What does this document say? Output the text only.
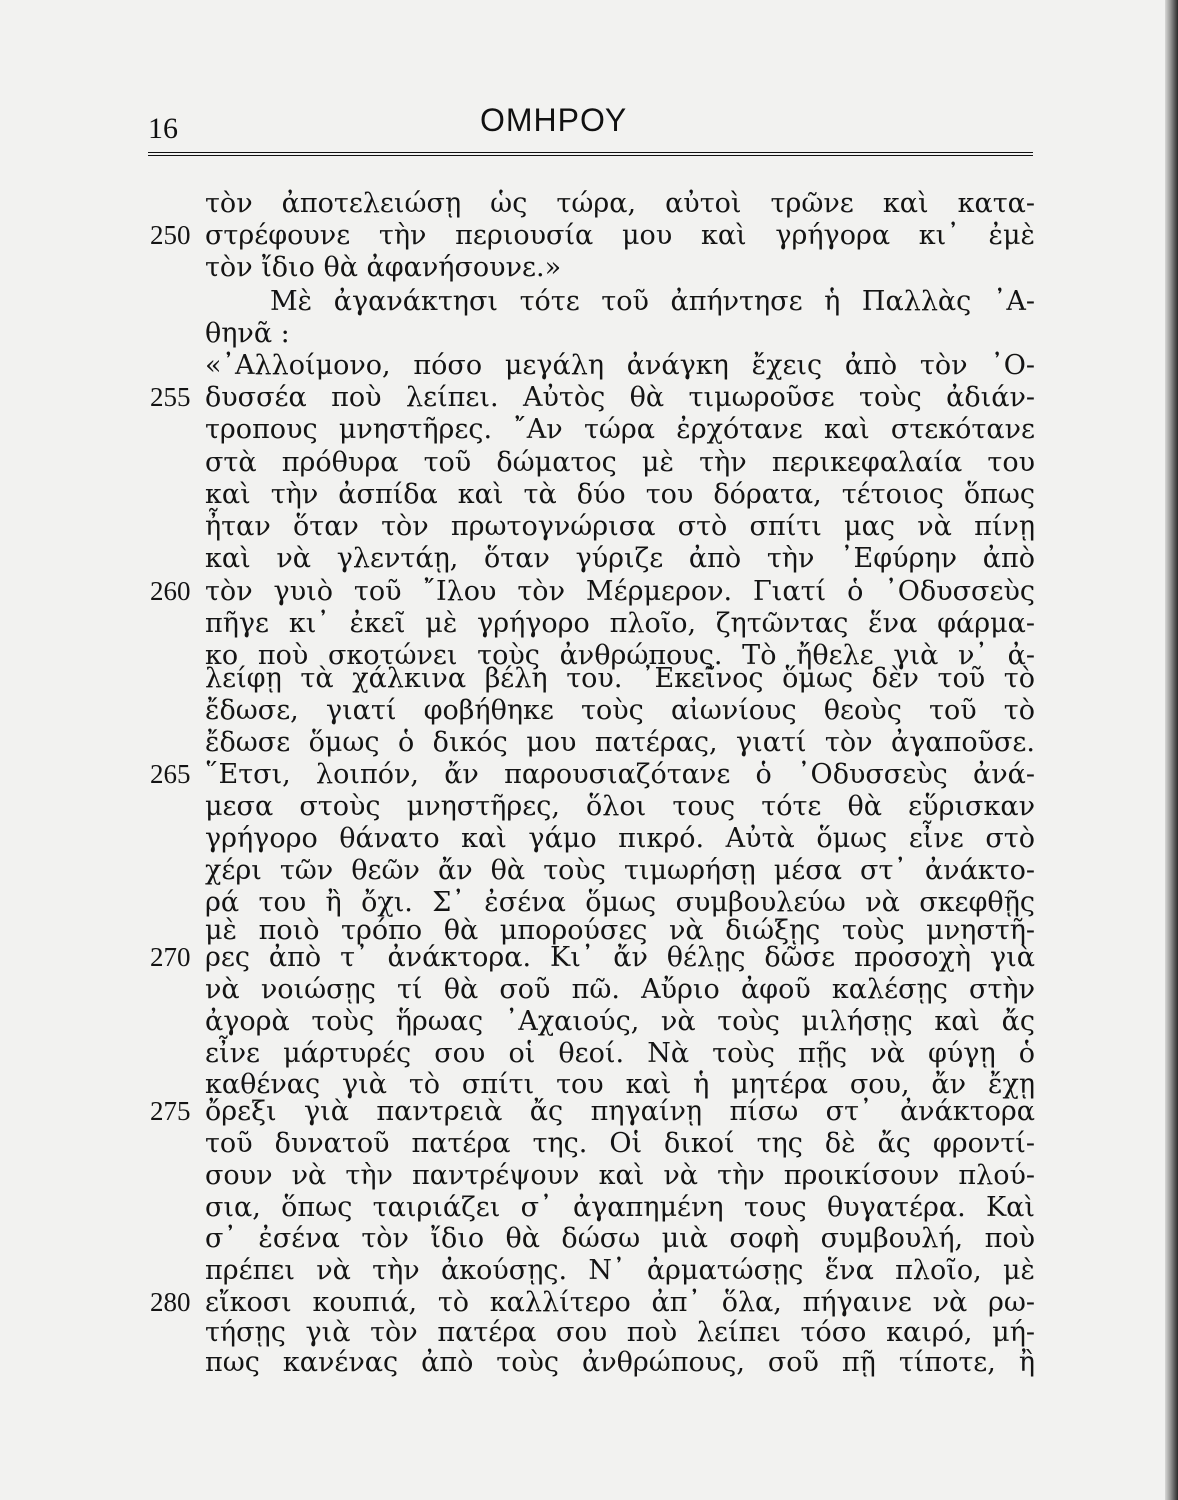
16	ΟΜΗΡΟΥ
250
255
260
265
270
275
280
τὸν ἀποτελειώσῃ ὡς τώρα, αὐτοὶ τρῶνε καὶ κατα-
στρέφουνε τὴν περιουσία μου καὶ γρήγορα κι᾿ ἐμὲ
τὸν ἴδιο θὰ ἀφανήσουνε.»
Μὲ ἀγανάκτησι τότε τοῦ ἀπήντησε ἡ Παλλὰς ᾿Α-
θηνᾶ :
«᾿Αλλοίμονο, πόσο μεγάλη ἀνάγκη ἔχεις ἀπὸ τὸν ᾿Ο-
δυσσέα ποὺ λείπει. Αὐτὸς θὰ τιμωροῦσε τοὺς ἀδιάν-
τροπους μνηστῆρες. ῎Αν τώρα ἐρχότανε καὶ στεκότανε
στὰ πρόθυρα τοῦ δώματος μὲ τὴν περικεφαλαία του
καὶ τὴν ἀσπίδα καὶ τὰ δύο του δόρατα, τέτοιος ὅπως
ἦταν ὅταν τὸν πρωτογνώρισα στὸ σπίτι μας νὰ πίνῃ
καὶ νὰ γλεντάῃ, ὅταν γύριζε ἀπὸ τὴν ᾿Εφύρην ἀπὸ
τὸν γυιὸ τοῦ ῎Ιλου τὸν Μέρμερον. Γιατί ὁ ᾿Οδυσσεὺς
πῆγε κι᾿ ἐκεῖ μὲ γρήγορο πλοῖο, ζητῶντας ἕνα φάρμα-
κο ποὺ σκοτώνει τοὺς ἀνθρώπους. Τὸ ἤθελε γιὰ ν᾿ ἀ-
λείφῃ τὰ χάλκινα βέλη του. ᾿Εκεῖνος ὅμως δὲν τοῦ τὸ
ἔδωσε, γιατί φοβήθηκε τοὺς αἰωνίους θεοὺς τοῦ τὸ
ἔδωσε ὅμως ὁ δικός μου πατέρας, γιατί τὸν ἀγαποῦσε.
῞Ετσι, λοιπόν, ἄν παρουσιαζότανε ὁ ᾿Οδυσσεὺς ἀνά-
μεσα στοὺς μνηστῆρες, ὅλοι τους τότε θὰ εὕρισκαν
γρήγορο θάνατο καὶ γάμο πικρό. Αὐτὰ ὅμως εἶνε στὸ
χέρι τῶν θεῶν ἄν θὰ τοὺς τιμωρήσῃ μέσα στ᾿ ἀνάκτο-
ρά του ἢ ὄχι. Σ᾿ ἐσένα ὅμως συμβουλεύω νὰ σκεφθῇς
μὲ ποιὸ τρόπο θὰ μπορούσες νὰ διώξῃς τοὺς μνηστῆ-
ρες ἀπὸ τ᾿ ἀνάκτορα. Κι᾿ ἄν θέλῃς δῶσε προσοχὴ γιὰ
νὰ νοιώσῃς τί θὰ σοῦ πῶ. Αὔριο ἀφοῦ καλέσῃς στὴν
ἀγορὰ τοὺς ἥρωας ᾿Αχαιούς, νὰ τοὺς μιλήσῃς καὶ ἄς
εἶνε μάρτυρές σου οἱ θεοί. Νὰ τοὺς πῇς νὰ φύγῃ ὁ
καθένας γιὰ τὸ σπίτι του καὶ ἡ μητέρα σου, ἄν ἔχῃ
ὄρεξι γιὰ παντρειὰ ἄς πηγαίνῃ πίσω στ᾿ ἀνάκτορα
τοῦ δυνατοῦ πατέρα της. Οἱ δικοί της δὲ ἄς φροντί-
σουν νὰ τὴν παντρέψουν καὶ νὰ τὴν προικίσουν πλού-
σια, ὅπως ταιριάζει σ᾿ ἀγαπημένη τους θυγατέρα. Καὶ
σ᾿ ἐσένα τὸν ἴδιο θὰ δώσω μιὰ σοφὴ συμβουλή, ποὺ
πρέπει νὰ τὴν ἀκούσῃς. Ν᾿ ἀρματώσῃς ἕνα πλοῖο, μὲ
εἴκοσι κουπιά, τὸ καλλίτερο ἀπ᾿ ὅλα, πήγαινε νὰ ρω-
τήσῃς γιὰ τὸν πατέρα σου ποὺ λείπει τόσο καιρό, μή-
πως κανένας ἀπὸ τοὺς ἀνθρώπους, σοῦ πῇ τίποτε, ἢ
